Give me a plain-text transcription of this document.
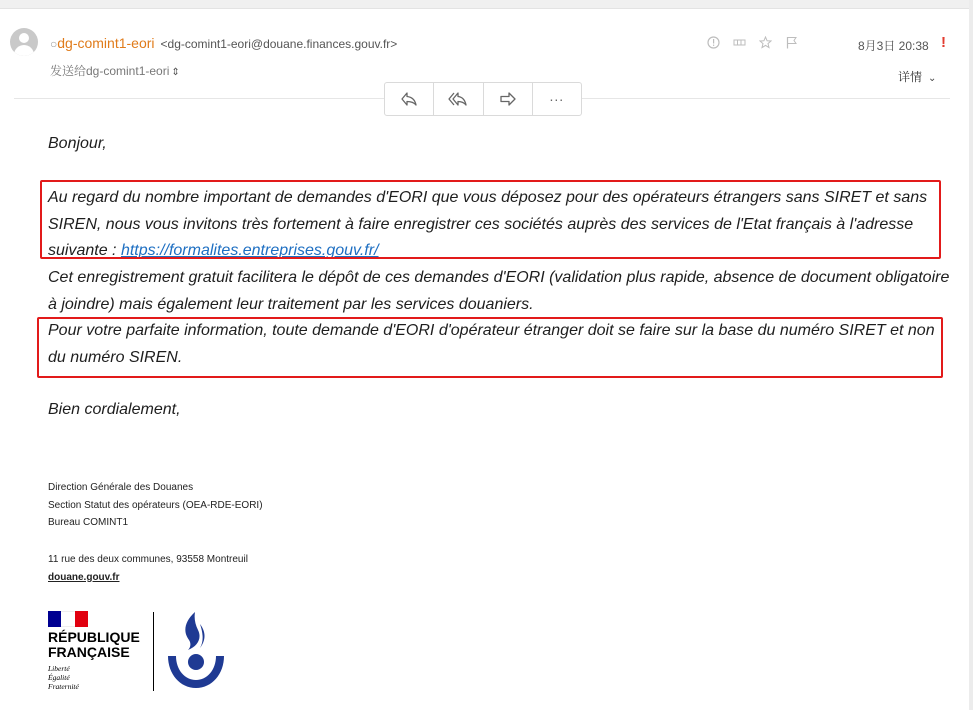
○dg-comint1-eori <dg-comint1-eori@douane.finances.gouv.fr>
发送给dg-comint1-eori ⇕
8月3日 20:38 !
详情 ⌄
...
Bonjour,
Au regard du nombre important de demandes d'EORI que vous déposez pour des opérateurs étrangers sans SIRET et sans SIREN, nous vous invitons très fortement à faire enregistrer ces sociétés auprès des services de l'Etat français à l'adresse suivante : https://formalites.entreprises.gouv.fr/
Cet enregistrement gratuit facilitera le dépôt de ces demandes d'EORI (validation plus rapide, absence de document obligatoire à joindre) mais également leur traitement par les services douaniers.
Pour votre parfaite information, toute demande d'EORI d'opérateur étranger doit se faire sur la base du numéro SIRET et non du numéro SIREN.
Bien cordialement,
Direction Générale des Douanes
Section Statut des opérateurs (OEA-RDE-EORI)
Bureau COMINT1
11 rue des deux communes, 93558 Montreuil
douane.gouv.fr
RÉPUBLIQUE
FRANÇAISE
Liberté
Égalité
Fraternité
